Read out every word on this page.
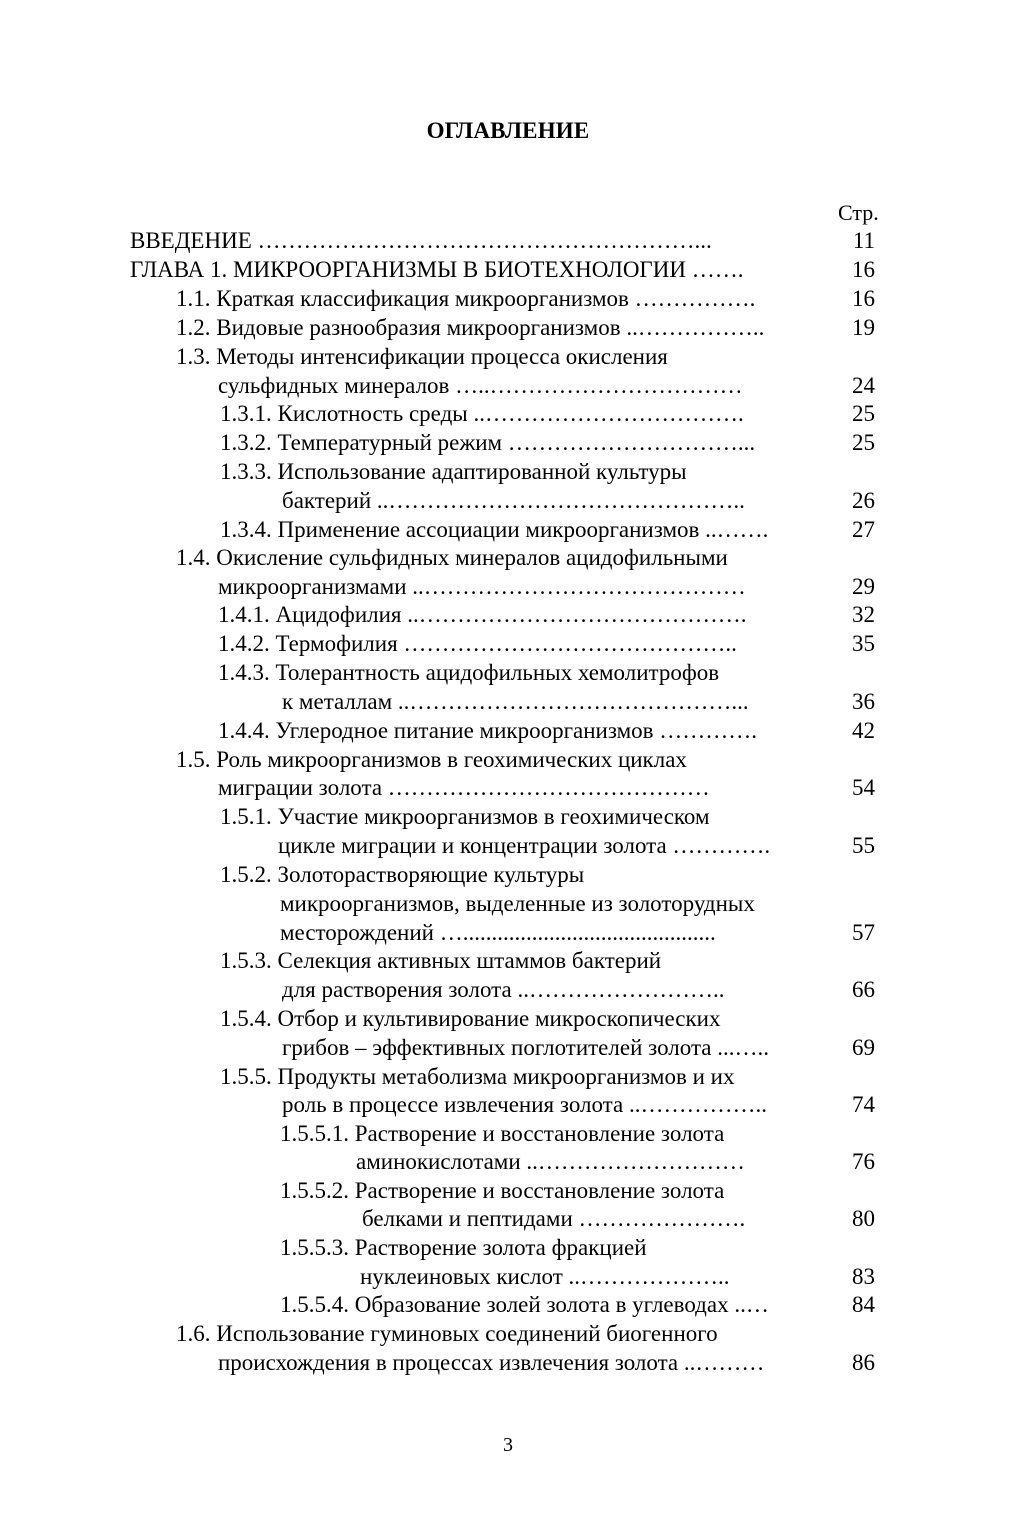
ОГЛАВЛЕНИЕ
Стр.
ВВЕДЕНИЕ …………………………………………………...	11
ГЛАВА 1. МИКРООРГАНИЗМЫ В БИОТЕХНОЛОГИИ …….	16
1.1. Краткая классификация микроорганизмов …………….	16
1.2. Видовые разнообразия микроорганизмов ..……………..	19
1.3. Методы интенсификации процесса окисления
сульфидных минералов …..……………………………	24
1.3.1. Кислотность среды ..…………………………….	25
1.3.2. Температурный режим …………………………...	25
1.3.3. Использование адаптированной культуры
бактерий ..………………………………………..	26
1.3.4. Применение ассоциации микроорганизмов ..…….	27
1.4. Окисление сульфидных минералов ацидофильными
микроорганизмами ..……………………………………	29
1.4.1. Ацидофилия ..…………………………………….	32
1.4.2. Термофилия ……………………………………..	35
1.4.3. Толерантность ацидофильных хемолитрофов
к металлам ..……………………………………...	36
1.4.4. Углеродное питание микроорганизмов ………….	42
1.5. Роль микроорганизмов в геохимических циклах
миграции золота ……………………………………	54
1.5.1. Участие микроорганизмов в геохимическом
цикле миграции и концентрации золота ………….	55
1.5.2. Золоторастворяющие культуры
микроорганизмов, выделенные из золоторудных
месторождений …............................................	57
1.5.3. Селекция активных штаммов бактерий
для растворения золота ..……………………..	66
1.5.4. Отбор и культивирование микроскопических
грибов – эффективных поглотителей золота ...…..	69
1.5.5. Продукты метаболизма микроорганизмов и их
роль в процессе извлечения золота ..……………..	74
1.5.5.1. Растворение и восстановление золота
аминокислотами ..………………………	76
1.5.5.2. Растворение и восстановление золота
белками и пептидами ………………….	80
1.5.5.3. Растворение золота фракцией
нуклеиновых кислот ..………………..	83
1.5.5.4. Образование золей золота в углеводах ..…	84
1.6. Использование гуминовых соединений биогенного
происхождения в процессах извлечения золота ..………	86
3
